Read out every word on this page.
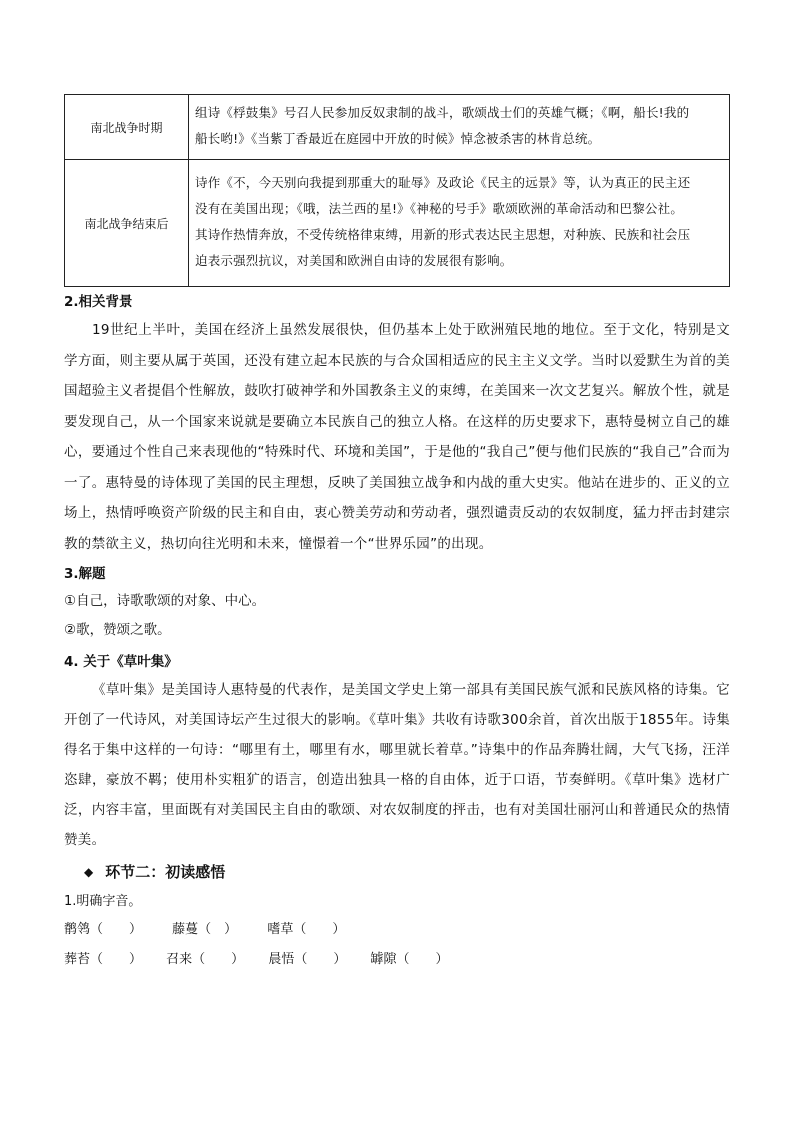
南北战争时期	组诗《桴鼓集》号召人民参加反奴隶制的战斗，歌颂战士们的英雄气概；《啊，船长!我的
船长哟!》《当紫丁香最近在庭园中开放的时候》悼念被杀害的林肯总统。

南北战争结束后	诗作《不，今天别向我提到那重大的耻辱》及政论《民主的远景》等，认为真正的民主还
没有在美国出现；《哦，法兰西的星!》《神秘的号手》歌颂欧洲的革命活动和巴黎公社。
其诗作热情奔放，不受传统格律束缚，用新的形式表达民主思想，对种族、民族和社会压
迫表示强烈抗议，对美国和欧洲自由诗的发展很有影响。

2.相关背景

19世纪上半叶，美国在经济上虽然发展很快，但仍基本上处于欧洲殖民地的地位。至于文化，特别是文学方面，则主要从属于英国，还没有建立起本民族的与合众国相适应的民主主义文学。当时以爱默生为首的美国超验主义者提倡个性解放，鼓吹打破神学和外国教条主义的束缚，在美国来一次文艺复兴。解放个性，就是要发现自己，从一个国家来说就是要确立本民族自己的独立人格。在这样的历史要求下，惠特曼树立自己的雄心，要通过个性自己来表现他的“特殊时代、环境和美国”，于是他的“我自己”便与他们民族的“我自己”合而为一了。惠特曼的诗体现了美国的民主理想，反映了美国独立战争和内战的重大史实。他站在进步的、正义的立场上，热情呼唤资产阶级的民主和自由，衷心赞美劳动和劳动者，强烈谴责反动的农奴制度，猛力抨击封建宗教的禁欲主义，热切向往光明和未来，憧憬着一个“世界乐园”的出现。

3.解题

①自己，诗歌歌颂的对象、中心。

②歌，赞颂之歌。

4. 关于《草叶集》

《草叶集》是美国诗人惠特曼的代表作，是美国文学史上第一部具有美国民族气派和民族风格的诗集。它开创了一代诗风，对美国诗坛产生过很大的影响。《草叶集》共收有诗歌300余首，首次出版于1855年。诗集得名于集中这样的一句诗：“哪里有土，哪里有水，哪里就长着草。”诗集中的作品奔腾壮阔，大气飞扬，汪洋恣肆，豪放不羁；使用朴实粗犷的语言，创造出独具一格的自由体，近于口语，节奏鲜明。《草叶集》选材广泛，内容丰富，里面既有对美国民主自由的歌颂、对农奴制度的抨击，也有对美国壮丽河山和普通民众的热情赞美。

◆ 环节二：初读感悟

1.明确字音。

鹡鸰（　　） 藤蔓（　） 嗜草（　　）

葬苔（　　） 召来（　　） 晨悟（　　） 罅隙（　　）
